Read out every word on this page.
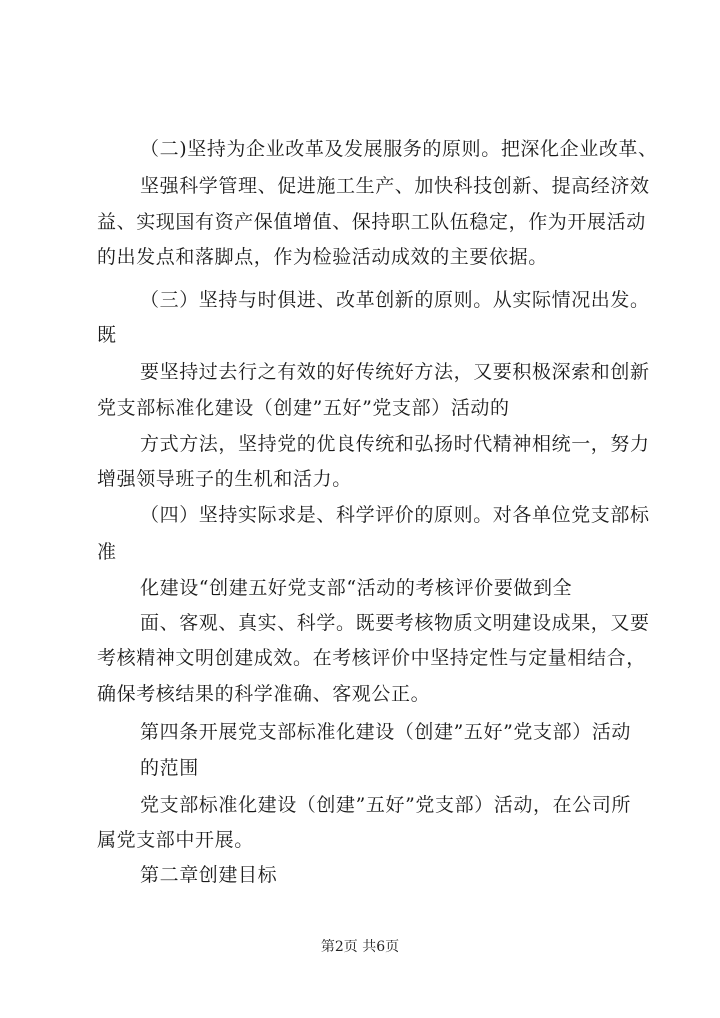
（二)坚持为企业改革及发展服务的原则。把深化企业改革、
坚强科学管理、促进施工生产、加快科技创新、提高经济效
益、实现国有资产保值增值、保持职工队伍稳定，作为开展活动
的出发点和落脚点，作为检验活动成效的主要依据。
（三）坚持与时俱进、改革创新的原则。从实际情况出发。
既
要坚持过去行之有效的好传统好方法，又要积极深索和创新
党支部标准化建设（创建”五好”党支部）活动的
方式方法，坚持党的优良传统和弘扬时代精神相统一，努力
增强领导班子的生机和活力。
（四）坚持实际求是、科学评价的原则。对各单位党支部标
准
化建设“创建五好党支部“活动的考核评价要做到全
面、客观、真实、科学。既要考核物质文明建设成果，又要
考核精神文明创建成效。在考核评价中坚持定性与定量相结合，
确保考核结果的科学准确、客观公正。
第四条开展党支部标准化建设（创建”五好”党支部）活动
的范围
党支部标准化建设（创建”五好”党支部）活动，在公司所
属党支部中开展。
第二章创建目标
第2页 共6页
